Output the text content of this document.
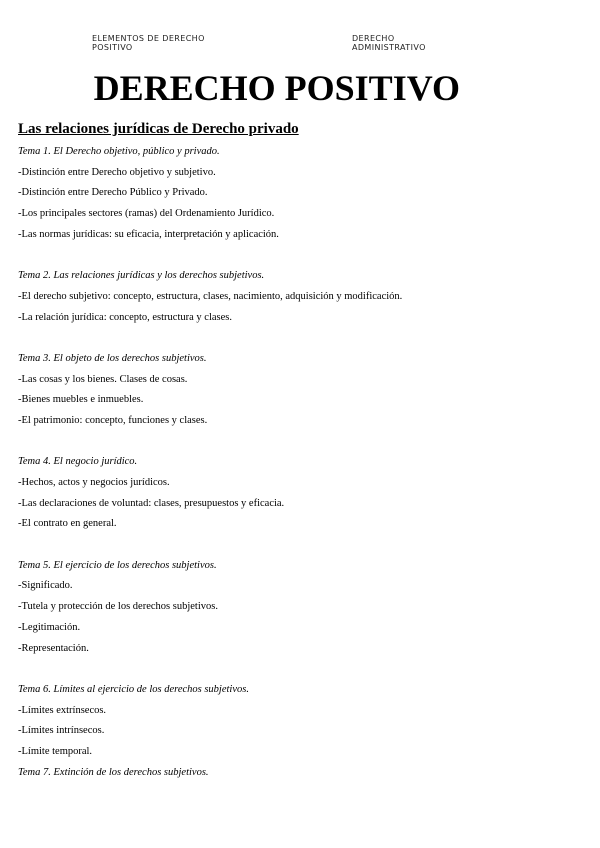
ELEMENTOS DE DERECHO
POSITIVO
DERECHO
ADMINISTRATIVO
DERECHO POSITIVO
Las relaciones jurídicas de Derecho privado

Tema 1. El Derecho objetivo, público y privado.

-Distinción entre Derecho objetivo y subjetivo.

-Distinción entre Derecho Público y Privado.

-Los principales sectores (ramas) del Ordenamiento Jurídico.

-Las normas jurídicas: su eficacia, interpretación y aplicación.

Tema 2. Las relaciones jurídicas y los derechos subjetivos.

-El derecho subjetivo: concepto, estructura, clases, nacimiento, adquisición y modificación.

-La relación jurídica: concepto, estructura y clases.

Tema 3. El objeto de los derechos subjetivos.

-Las cosas y los bienes. Clases de cosas.

-Bienes muebles e inmuebles.

-El patrimonio: concepto, funciones y clases.

Tema 4. El negocio jurídico.

-Hechos, actos y negocios jurídicos.

-Las declaraciones de voluntad: clases, presupuestos y eficacia.

-El contrato en general.

Tema 5. El ejercicio de los derechos subjetivos.

-Significado.

-Tutela y protección de los derechos subjetivos.

-Legitimación.

-Representación.

Tema 6. Límites al ejercicio de los derechos subjetivos.

-Límites extrínsecos.

-Límites intrínsecos.

-Límite temporal.

Tema 7. Extinción de los derechos subjetivos.
